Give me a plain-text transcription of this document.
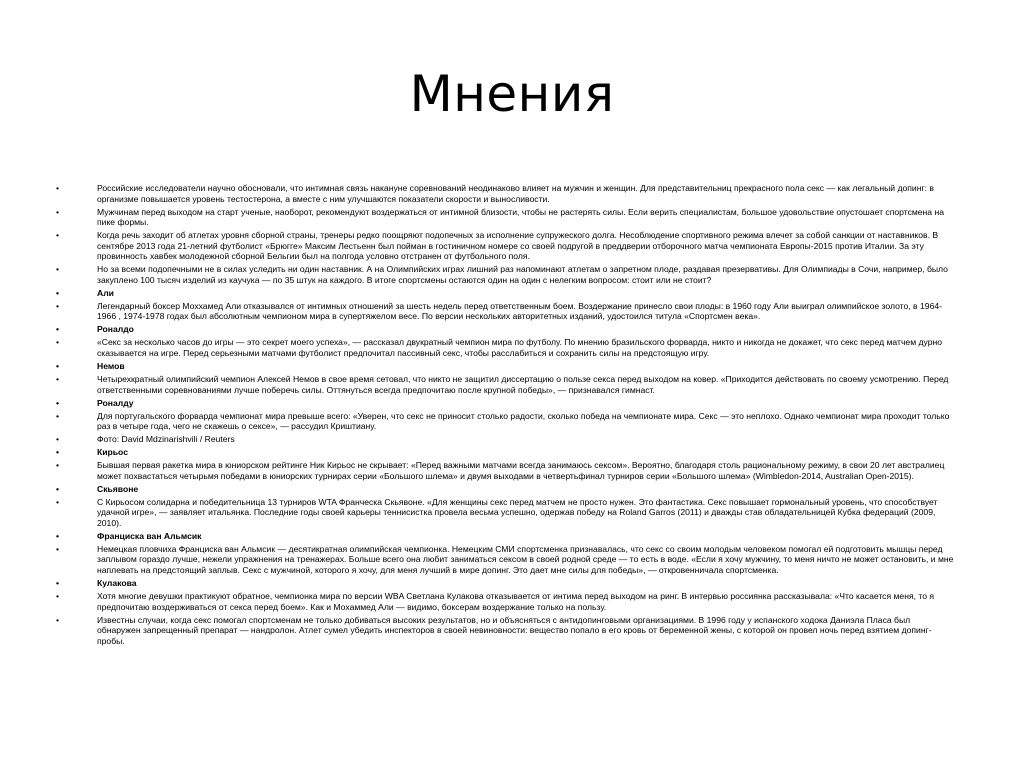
Мнения
•	Российские исследователи научно обосновали, что интимная связь накануне соревнований неодинаково влияет на мужчин и женщин. Для представительниц прекрасного пола секс — как легальный допинг: в организме повышается уровень тестостерона, а вместе с ним улучшаются показатели скорости и выносливости.
•	Мужчинам перед выходом на старт ученые, наоборот, рекомендуют воздержаться от интимной близости, чтобы не растерять силы. Если верить специалистам, большое удовольствие опустошает спортсмена на пике формы.
•	Когда речь заходит об атлетах уровня сборной страны, тренеры редко поощряют подопечных за исполнение супружеского долга. Несоблюдение спортивного режима влечет за собой санкции от наставников. В сентябре 2013 года 21-летний футболист «Брюгге» Максим Лестьенн был пойман в гостиничном номере со своей подругой в преддверии отборочного матча чемпионата Европы-2015 против Италии. За эту провинность хавбек молодежной сборной Бельгии был на полгода условно отстранен от футбольного поля.
•	Но за всеми подопечными не в силах уследить ни один наставник. А на Олимпийских играх лишний раз напоминают атлетам о запретном плоде, раздавая презервативы. Для Олимпиады в Сочи, например, было закуплено 100 тысяч изделий из каучука — по 35 штук на каждого. В итоге спортсмены остаются один на один с нелегким вопросом: стоит или не стоит?
•	Али
•	Легендарный боксер Моххамед Али отказывался от интимных отношений за шесть недель перед ответственным боем. Воздержание принесло свои плоды: в 1960 году Али выиграл олимпийское золото, в 1964-1966 , 1974-1978 годах был абсолютным чемпионом мира в супертяжелом весе. По версии нескольких авторитетных изданий, удостоился титула «Спортсмен века».
•	Роналдо
•	«Секс за несколько часов до игры — это секрет моего успеха», — рассказал двукратный чемпион мира по футболу. По мнению бразильского форварда, никто и никогда не докажет, что секс перед матчем дурно сказывается на игре. Перед серьезными матчами футболист предпочитал пассивный секс, чтобы расслабиться и сохранить силы на предстоящую игру.
•	Немов
•	Четырехкратный олимпийский чемпион Алексей Немов в свое время сетовал, что никто не защитил диссертацию о пользе секса перед выходом на ковер. «Приходится действовать по своему усмотрению. Перед ответственными соревнованиями лучше поберечь силы. Оттянуться всегда предпочитаю после крупной победы», — признавался гимнаст.
•	Роналду
•	Для португальского форварда чемпионат мира превыше всего: «Уверен, что секс не приносит столько радости, сколько победа на чемпионате мира. Секс — это неплохо. Однако чемпионат мира проходит только раз в четыре года, чего не скажешь о сексе», — рассудил Криштиану.
•	Фото: David Mdzinarishvili / Reuters
•	Кирьос
•	Бывшая первая ракетка мира в юниорском рейтинге Ник Кирьос не скрывает: «Перед важными матчами всегда занимаюсь сексом». Вероятно, благодаря столь рациональному режиму, в свои 20 лет австралиец может похвастаться четырьмя победами в юниорских турнирах серии «Большого шлема» и двумя выходами в четвертьфинал турниров серии «Большого шлема» (Wimbledon-2014, Australian Open-2015).
•	Скьявоне
•	С Кирьосом солидарна и победительница 13 турниров WTA Франческа Скьявоне. «Для женщины секс перед матчем не просто нужен. Это фантастика. Секс повышает гормональный уровень, что способствует удачной игре», — заявляет итальянка. Последние годы своей карьеры теннисистка провела весьма успешно, одержав победу на Roland Garros (2011) и дважды став обладательницей Кубка федераций (2009, 2010).
•	Франциска ван Альмсик
•	Немецкая пловчиха Франциска ван Альмсик — десятикратная олимпийская чемпионка. Немецким СМИ спортсменка признавалась, что секс со своим молодым человеком помогал ей подготовить мышцы перед заплывом гораздо лучше, нежели упражнения на тренажерах. Больше всего она любит заниматься сексом в своей родной среде — то есть в воде. «Если я хочу мужчину, то меня ничто не может остановить, и мне наплевать на предстоящий заплыв. Секс с мужчиной, которого я хочу, для меня лучший в мире допинг. Это дает мне силы для победы», — откровенничала спортсменка.
•	Кулакова
•	Хотя многие девушки практикуют обратное, чемпионка мира по версии WBA Светлана Кулакова отказывается от интима перед выходом на ринг. В интервью россиянка рассказывала: «Что касается меня, то я предпочитаю воздерживаться от секса перед боем». Как и Мохаммед Али — видимо, боксерам воздержание только на пользу.
•	Известны случаи, когда секс помогал спортсменам не только добиваться высоких результатов, но и объясняться с антидопинговыми организациями. В 1996 году у испанского ходока Даниэла Пласа был обнаружен запрещенный препарат — нандролон. Атлет сумел убедить инспекторов в своей невиновности: вещество попало в его кровь от беременной жены, с которой он провел ночь перед взятием допинг-пробы.
